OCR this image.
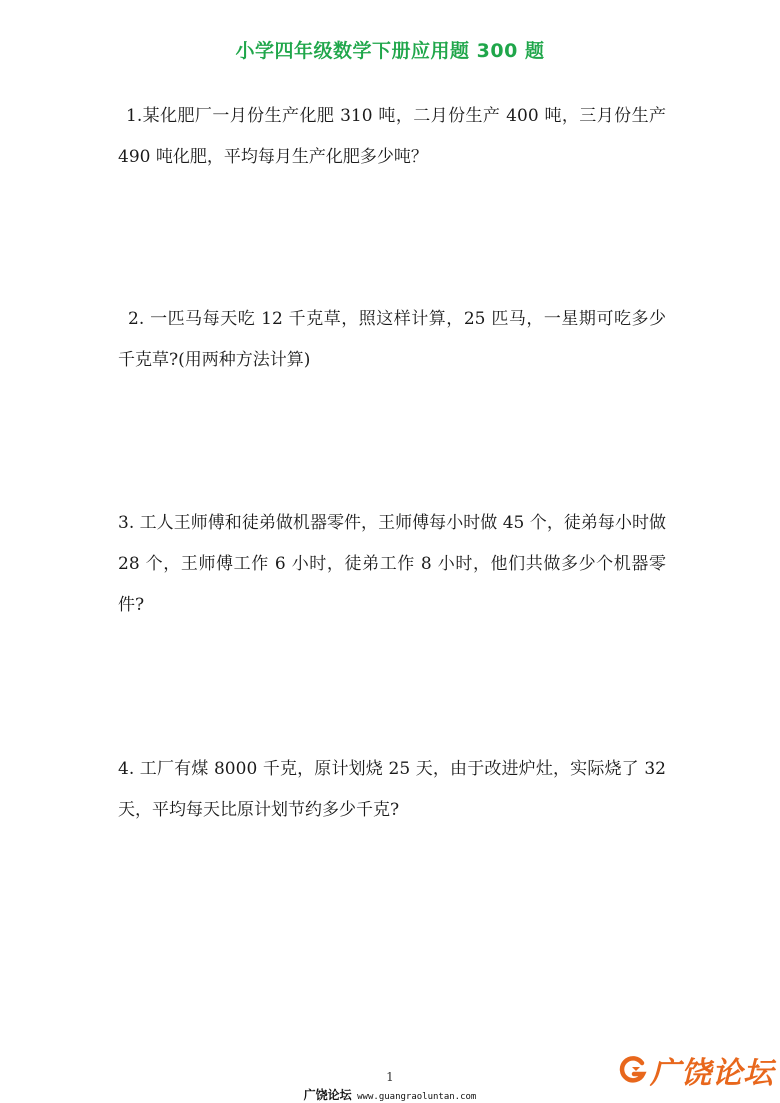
小学四年级数学下册应用题 300 题
1.某化肥厂一月份生产化肥 310 吨，二月份生产 400 吨，三月份生产 490 吨化肥，平均每月生产化肥多少吨？
2. 一匹马每天吃 12 千克草，照这样计算，25 匹马，一星期可吃多少千克草?(用两种方法计算)
3. 工人王师傅和徒弟做机器零件，王师傅每小时做 45 个，徒弟每小时做 28 个，王师傅工作 6 小时，徒弟工作 8 小时，他们共做多少个机器零件?
4. 工厂有煤 8000 千克，原计划烧 25 天，由于改进炉灶，实际烧了 32 天，平均每天比原计划节约多少千克?
1
广饶论坛 www.guangraoluntan.com
广饶论坛
